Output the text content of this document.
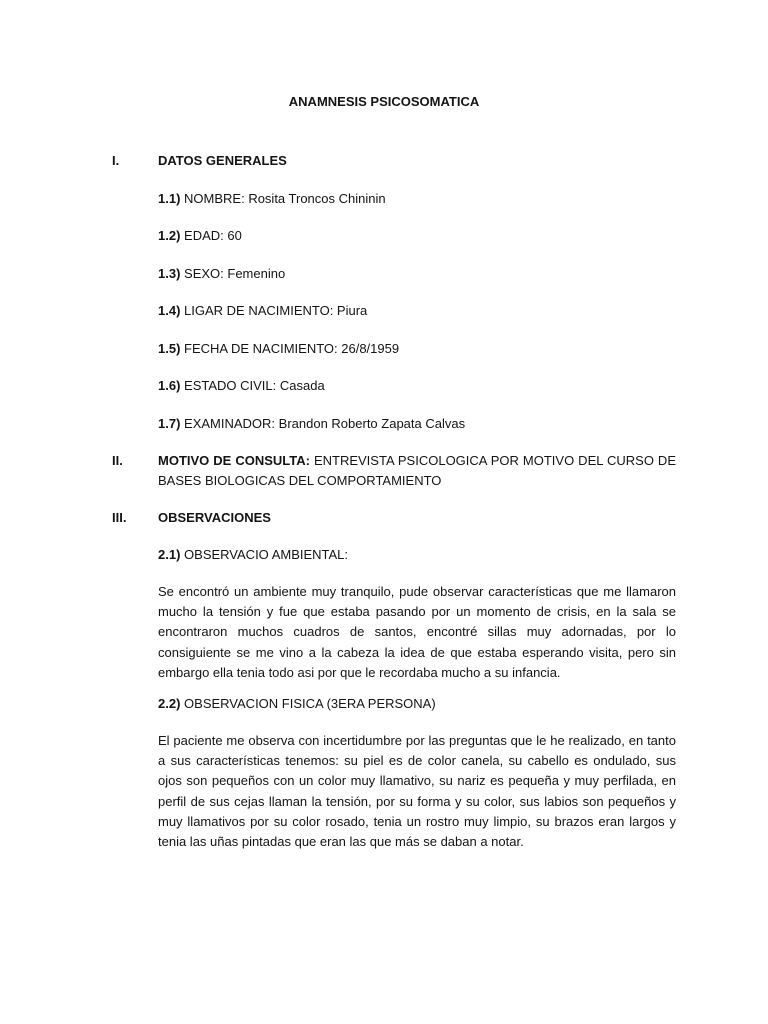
ANAMNESIS PSICOSOMATICA
I.	DATOS GENERALES
1.1) NOMBRE: Rosita Troncos Chininin
1.2) EDAD: 60
1.3) SEXO: Femenino
1.4) LIGAR DE NACIMIENTO: Piura
1.5) FECHA DE NACIMIENTO: 26/8/1959
1.6) ESTADO CIVIL: Casada
1.7) EXAMINADOR: Brandon Roberto Zapata Calvas
II.	MOTIVO DE CONSULTA: ENTREVISTA PSICOLOGICA POR MOTIVO DEL CURSO DE BASES BIOLOGICAS DEL COMPORTAMIENTO
III. OBSERVACIONES
2.1) OBSERVACIO AMBIENTAL:
Se encontró un ambiente muy tranquilo, pude observar características que me llamaron mucho la tensión y fue que estaba pasando por un momento de crisis, en la sala se encontraron muchos cuadros de santos, encontré sillas muy adornadas, por lo consiguiente se me vino a la cabeza la idea de que estaba esperando visita, pero sin embargo ella tenia todo asi por que le recordaba mucho a su infancia.
2.2) OBSERVACION FISICA (3ERA PERSONA)
El paciente me observa con incertidumbre por las preguntas que le he realizado, en tanto a sus características tenemos: su piel es de color canela, su cabello es ondulado, sus ojos son pequeños con un color muy llamativo, su nariz es pequeña y muy perfilada, en perfil de sus cejas llaman la tensión, por su forma y su color, sus labios son pequeños y muy llamativos por su color rosado, tenia un rostro muy limpio, su brazos eran largos y tenia las uñas pintadas que eran las que más se daban a notar.
